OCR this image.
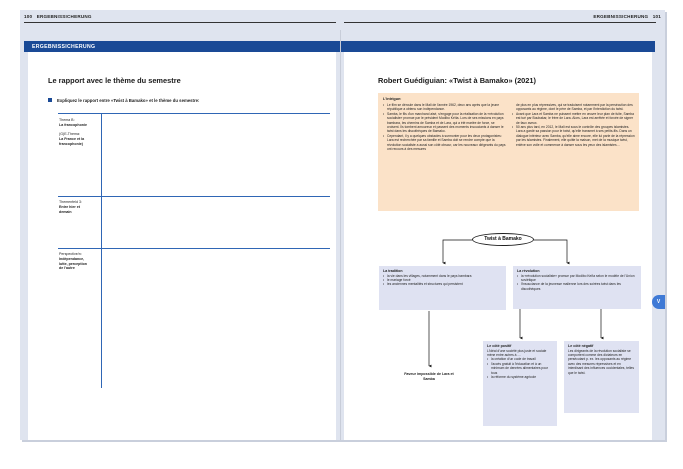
100 ERGEBNISSICHERUNG	ERGEBNISSICHERUNG 101
ERGEBNISSICHERUNG
Le rapport avec le thème du semestre
Expliquez le rapport entre «Twist à Bamako» et le thème du semestre:
Thema B:
La francophonie
(G)E-Thema:
La France et la
francophonie)
Themenfeld 3:
Entre hier et
demain
Perspective/n:
Indépendance,
lutte, perception
de l'autre
Robert Guédiguian: «Twist à Bamako» (2021)
L'intrigue:
• Le film se déroule dans le Mali de l'année 1962, deux ans après que la jeune république a obtenu son indépendance.
• Samba, le fils d'un marchand aisé, s'engage pour la réalisation de la «révolution socialiste» promue par le président Modibo Keïta. Lors de ses missions en pays bambara, les chemins de Samba et de Lara, qui a été mariée de force, se croisent. Ils tombent amoureux et passent des moments insouciants à danser le twist dans les discothèques de Bamako.
• Cependant, il y a quelques obstacles à surmonter pour les deux protagonistes: Lara est recherchée par sa famille et Samba doit se rendre compte que la révolution socialiste a aussi son côté obscur, car les nouveaux dirigeants du pays ont recours à des mesures
de plus en plus répressives, qui se traduisent notamment par la persécution des opposants au régime, dont le père de Samba, et par l'interdiction du twist.
• Avant que Lara et Samba ne puissent mettre en œuvre leur plan de fuite, Samba est tué par Boubakar, le frère de Lara. Alors, Lara est arrêtée et forcée de signer de faux aveux.
• 50 ans plus tard, en 2012, le Mali est sous le contrôle des groupes islamistes. Lara a gardé sa passion pour le twist, qu'elle transmet à ses petits-fils. Dans un dialogue intérieur avec Samba, qu'elle aime encore, elle lui parle de la répression par les islamistes. Finalement, elle quitte la maison, met de la musique twist, enlève son voile et commence à danser sous les yeux des islamistes…
Twist à Bamako
La tradition
• la vie dans les villages, notamment dans le pays bambara
• le mariage forcé
• les anciennes mentalités et structures qui persistent
La révolution
• la «révolution socialiste» promue par Modibo Keïta selon le modèle de l'Union soviétique
• l'insouciance de la jeunesse malienne lors des soirées twist dans les discothèques
Le côté positif
L'idéal d'une société plus juste et sociale mène entre autres à …
• la création d'un code de travail
• l'accès gratuit à l'éducation et à un minimum de denrées alimentaires pour tous
• la réforme du système agricole
Le côté négatif
Les dirigeants de la révolution socialiste se comportent comme des dictateurs en persécutant p. ex. les opposants au régime avec des mesures répressives et en interdisant des influences occidentales, telles que le twist.
Faveur impossible de Lara et Samba
V
